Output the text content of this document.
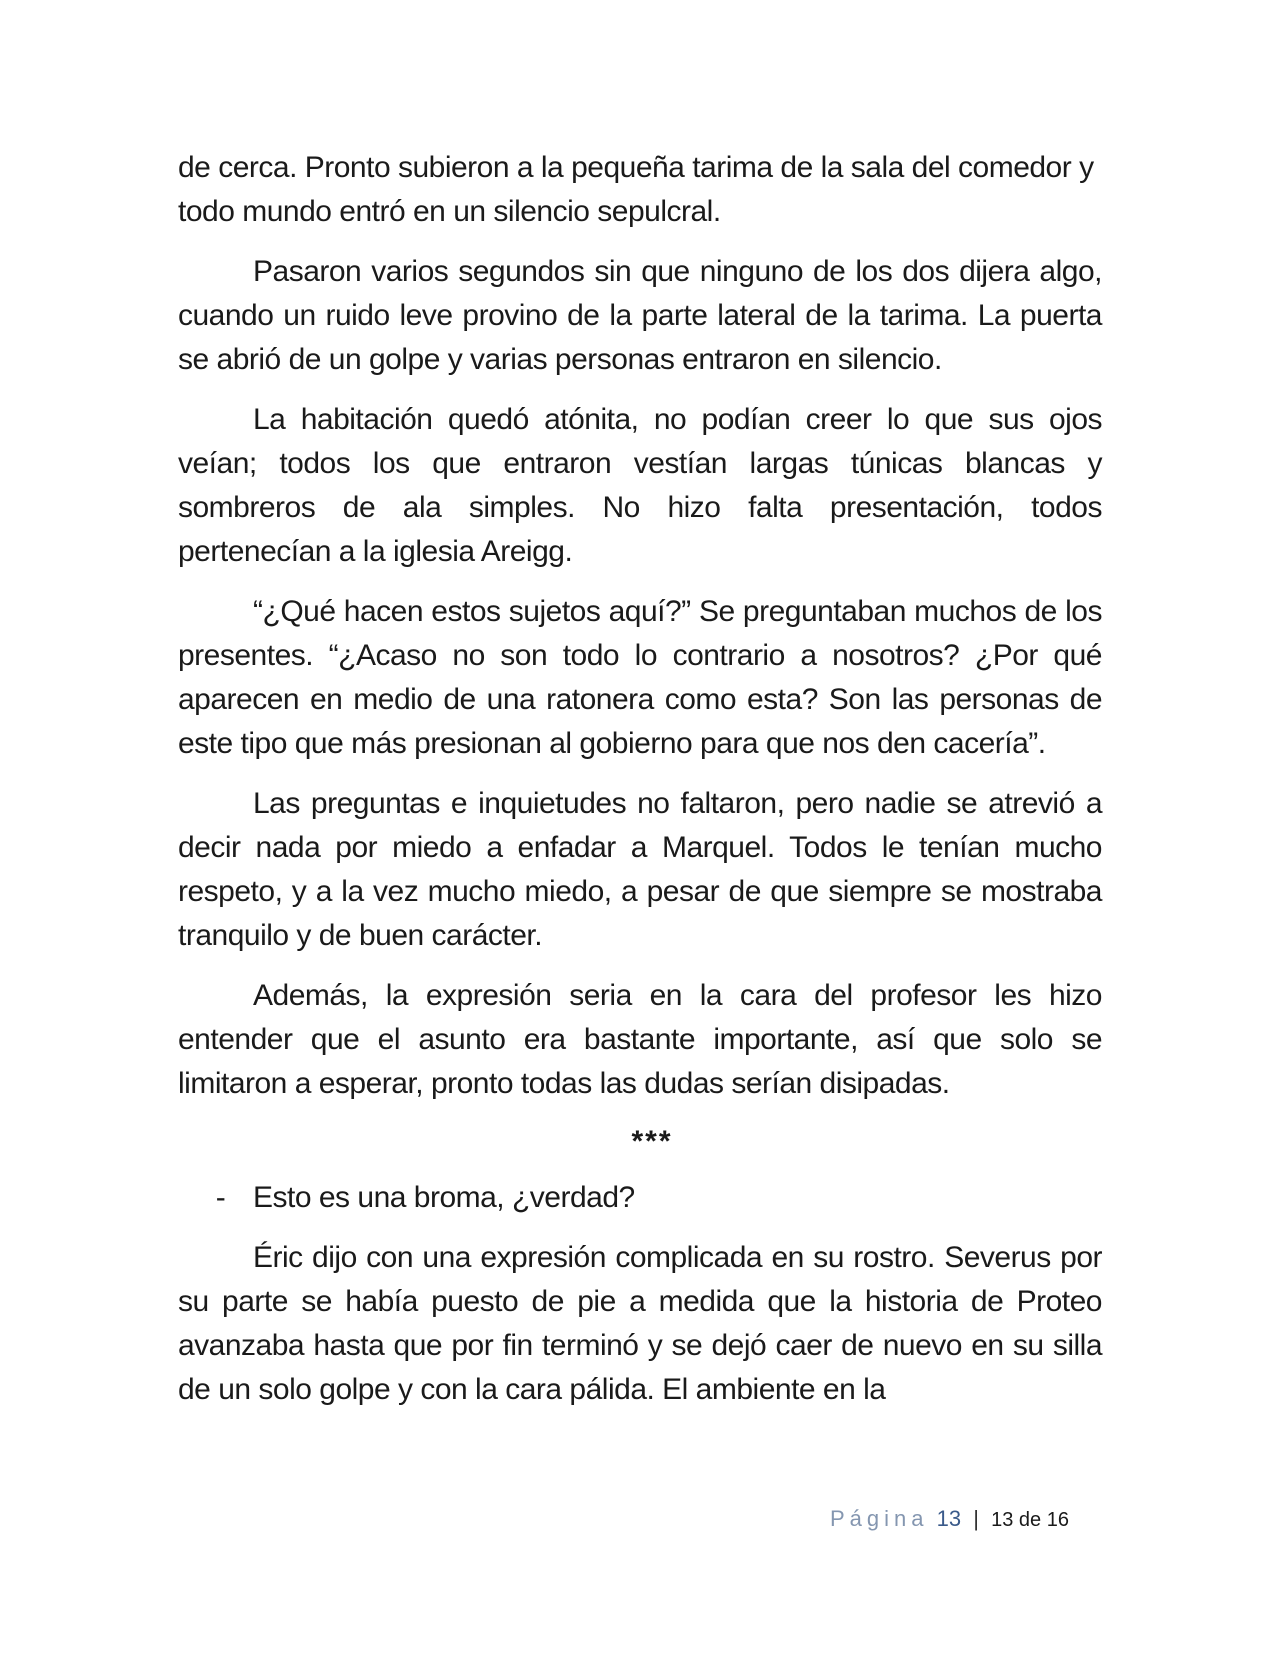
de cerca. Pronto subieron a la pequeña tarima de la sala del comedor y todo mundo entró en un silencio sepulcral.

Pasaron varios segundos sin que ninguno de los dos dijera algo, cuando un ruido leve provino de la parte lateral de la tarima. La puerta se abrió de un golpe y varias personas entraron en silencio.

La habitación quedó atónita, no podían creer lo que sus ojos veían; todos los que entraron vestían largas túnicas blancas y sombreros de ala simples. No hizo falta presentación, todos pertenecían a la iglesia Areigg.

“¿Qué hacen estos sujetos aquí?” Se preguntaban muchos de los presentes. “¿Acaso no son todo lo contrario a nosotros? ¿Por qué aparecen en medio de una ratonera como esta? Son las personas de este tipo que más presionan al gobierno para que nos den cacería”.

Las preguntas e inquietudes no faltaron, pero nadie se atrevió a decir nada por miedo a enfadar a Marquel. Todos le tenían mucho respeto, y a la vez mucho miedo, a pesar de que siempre se mostraba tranquilo y de buen carácter.

Además, la expresión seria en la cara del profesor les hizo entender que el asunto era bastante importante, así que solo se limitaron a esperar, pronto todas las dudas serían disipadas.

***
- Esto es una broma, ¿verdad?

Éric dijo con una expresión complicada en su rostro. Severus por su parte se había puesto de pie a medida que la historia de Proteo avanzaba hasta que por fin terminó y se dejó caer de nuevo en su silla de un solo golpe y con la cara pálida. El ambiente en la

Página 13 | 13 de 16
